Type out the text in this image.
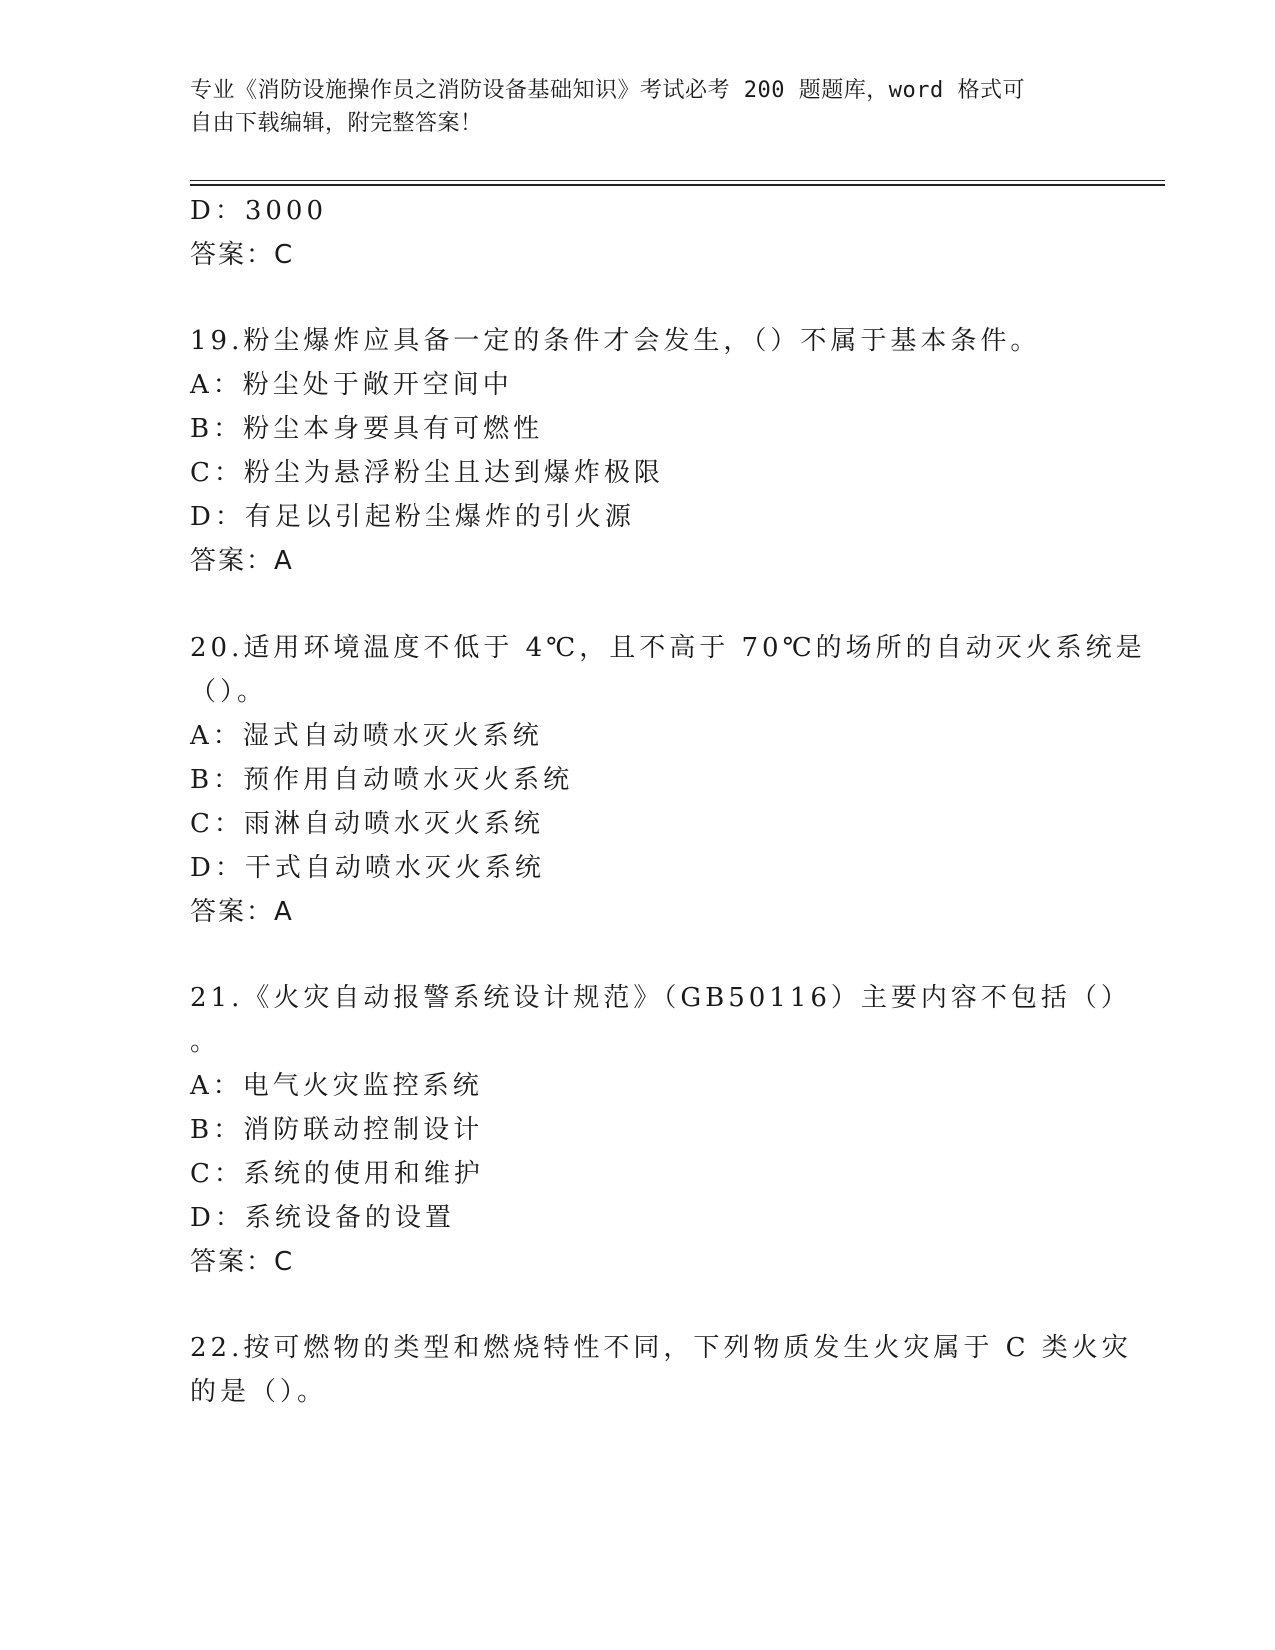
专业《消防设施操作员之消防设备基础知识》考试必考 200 题题库，word 格式可
自由下载编辑，附完整答案！
D：3000
答案：C
19.粉尘爆炸应具备一定的条件才会发生，（）不属于基本条件。
A：粉尘处于敞开空间中
B：粉尘本身要具有可燃性
C：粉尘为悬浮粉尘且达到爆炸极限
D：有足以引起粉尘爆炸的引火源
答案：A
20.适用环境温度不低于 4℃，且不高于 70℃的场所的自动灭火系统是
（）。
A：湿式自动喷水灭火系统
B：预作用自动喷水灭火系统
C：雨淋自动喷水灭火系统
D：干式自动喷水灭火系统
答案：A
21.《火灾自动报警系统设计规范》（GB50116）主要内容不包括（）
。
A：电气火灾监控系统
B：消防联动控制设计
C：系统的使用和维护
D：系统设备的设置
答案：C
22.按可燃物的类型和燃烧特性不同，下列物质发生火灾属于 C 类火灾
的是（）。
